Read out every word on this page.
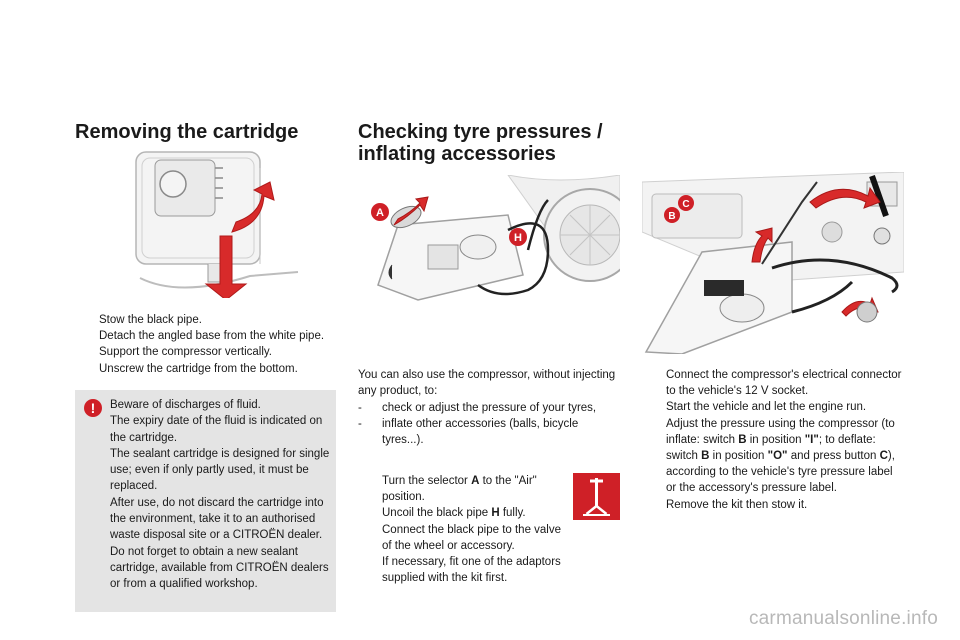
Removing the cartridge
Stow the black pipe.
Detach the angled base from the white pipe.
Support the compressor vertically.
Unscrew the cartridge from the bottom.
! Beware of discharges of fluid.

The expiry date of the fluid is indicated on the cartridge.

The sealant cartridge is designed for single use; even if only partly used, it must be replaced.

After use, do not discard the cartridge into the environment, take it to an authorised waste disposal site or a CITROËN dealer.

Do not forget to obtain a new sealant cartridge, available from CITROËN dealers or from a qualified workshop.

Checking tyre pressures /
inflating accessories
A
H
You can also use the compressor, without injecting any product, to:
- check or adjust the pressure of your tyres,
- inflate other accessories (balls, bicycle tyres...).
Turn the selector A to the "Air" position.
Uncoil the black pipe H fully.
Connect the black pipe to the valve of the wheel or accessory.
If necessary, fit one of the adaptors supplied with the kit first.
B
C
Connect the compressor's electrical connector to the vehicle's 12 V socket.
Start the vehicle and let the engine run.
Adjust the pressure using the compressor (to inflate: switch B in position "I"; to deflate: switch B in position "O" and press button C), according to the vehicle's tyre pressure label or the accessory's pressure label.
Remove the kit then stow it.
carmanualsonline.info
